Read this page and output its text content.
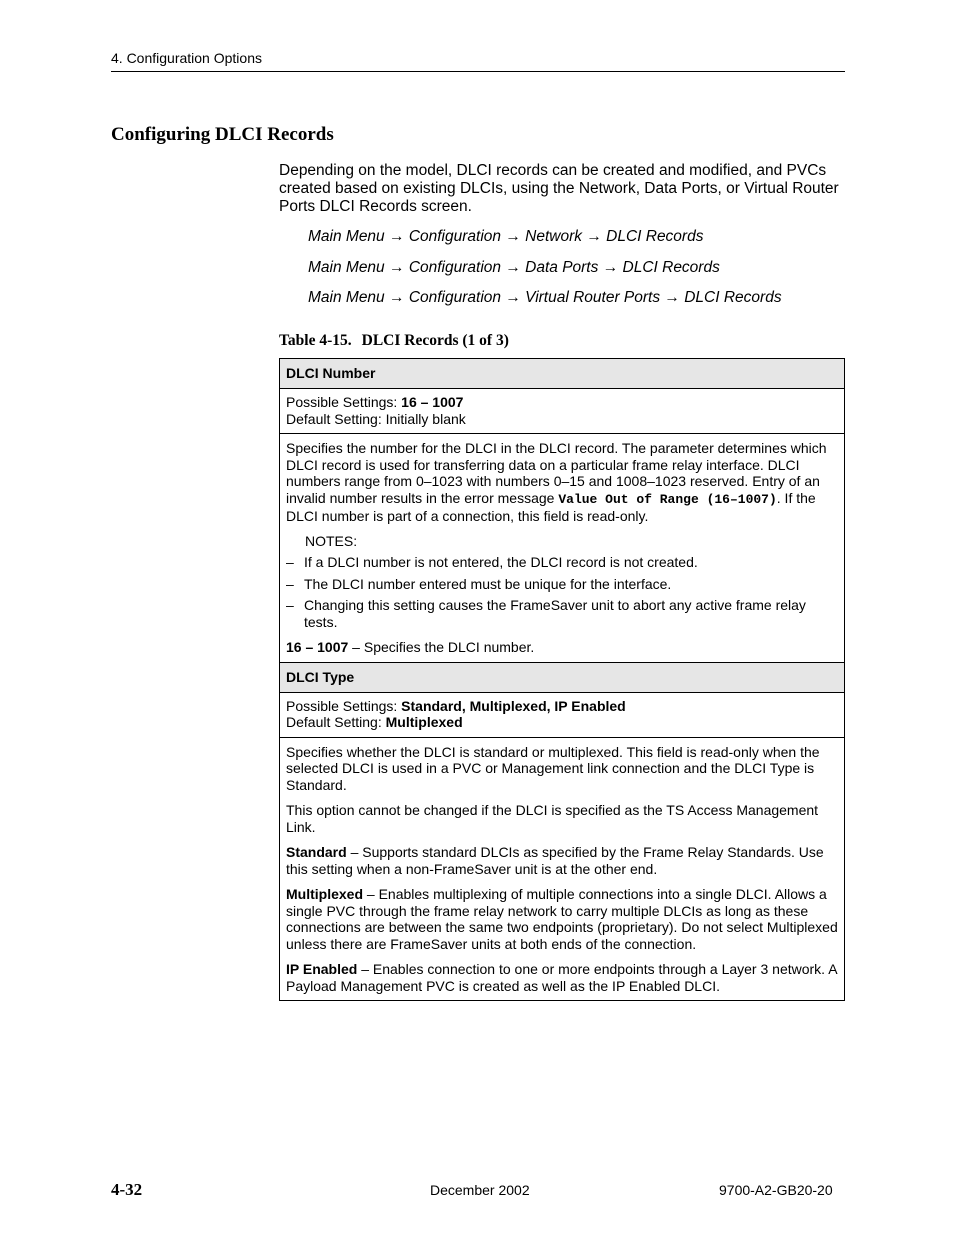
4. Configuration Options
Configuring DLCI Records
Depending on the model, DLCI records can be created and modified, and PVCs created based on existing DLCIs, using the Network, Data Ports, or Virtual Router Ports DLCI Records screen.
Main Menu → Configuration → Network → DLCI Records
Main Menu → Configuration → Data Ports → DLCI Records
Main Menu → Configuration → Virtual Router Ports → DLCI Records
Table 4-15. DLCI Records (1 of 3)
DLCI Number

Possible Settings: 16 – 1007
Default Setting: Initially blank

Specifies the number for the DLCI in the DLCI record. The parameter determines which DLCI record is used for transferring data on a particular frame relay interface. DLCI numbers range from 0–1023 with numbers 0–15 and 1008–1023 reserved. Entry of an invalid number results in the error message Value Out of Range (16–1007). If the DLCI number is part of a connection, this field is read-only.
NOTES:
– If a DLCI number is not entered, the DLCI record is not created.
– The DLCI number entered must be unique for the interface.
– Changing this setting causes the FrameSaver unit to abort any active frame relay tests.
16 – 1007 – Specifies the DLCI number.

DLCI Type

Possible Settings: Standard, Multiplexed, IP Enabled
Default Setting: Multiplexed

Specifies whether the DLCI is standard or multiplexed. This field is read-only when the selected DLCI is used in a PVC or Management link connection and the DLCI Type is Standard.

This option cannot be changed if the DLCI is specified as the TS Access Management Link.

Standard – Supports standard DLCIs as specified by the Frame Relay Standards. Use this setting when a non-FrameSaver unit is at the other end.

Multiplexed – Enables multiplexing of multiple connections into a single DLCI. Allows a single PVC through the frame relay network to carry multiple DLCIs as long as these connections are between the same two endpoints (proprietary). Do not select Multiplexed unless there are FrameSaver units at both ends of the connection.

IP Enabled – Enables connection to one or more endpoints through a Layer 3 network. A Payload Management PVC is created as well as the IP Enabled DLCI.

4-32	December 2002	9700-A2-GB20-20
